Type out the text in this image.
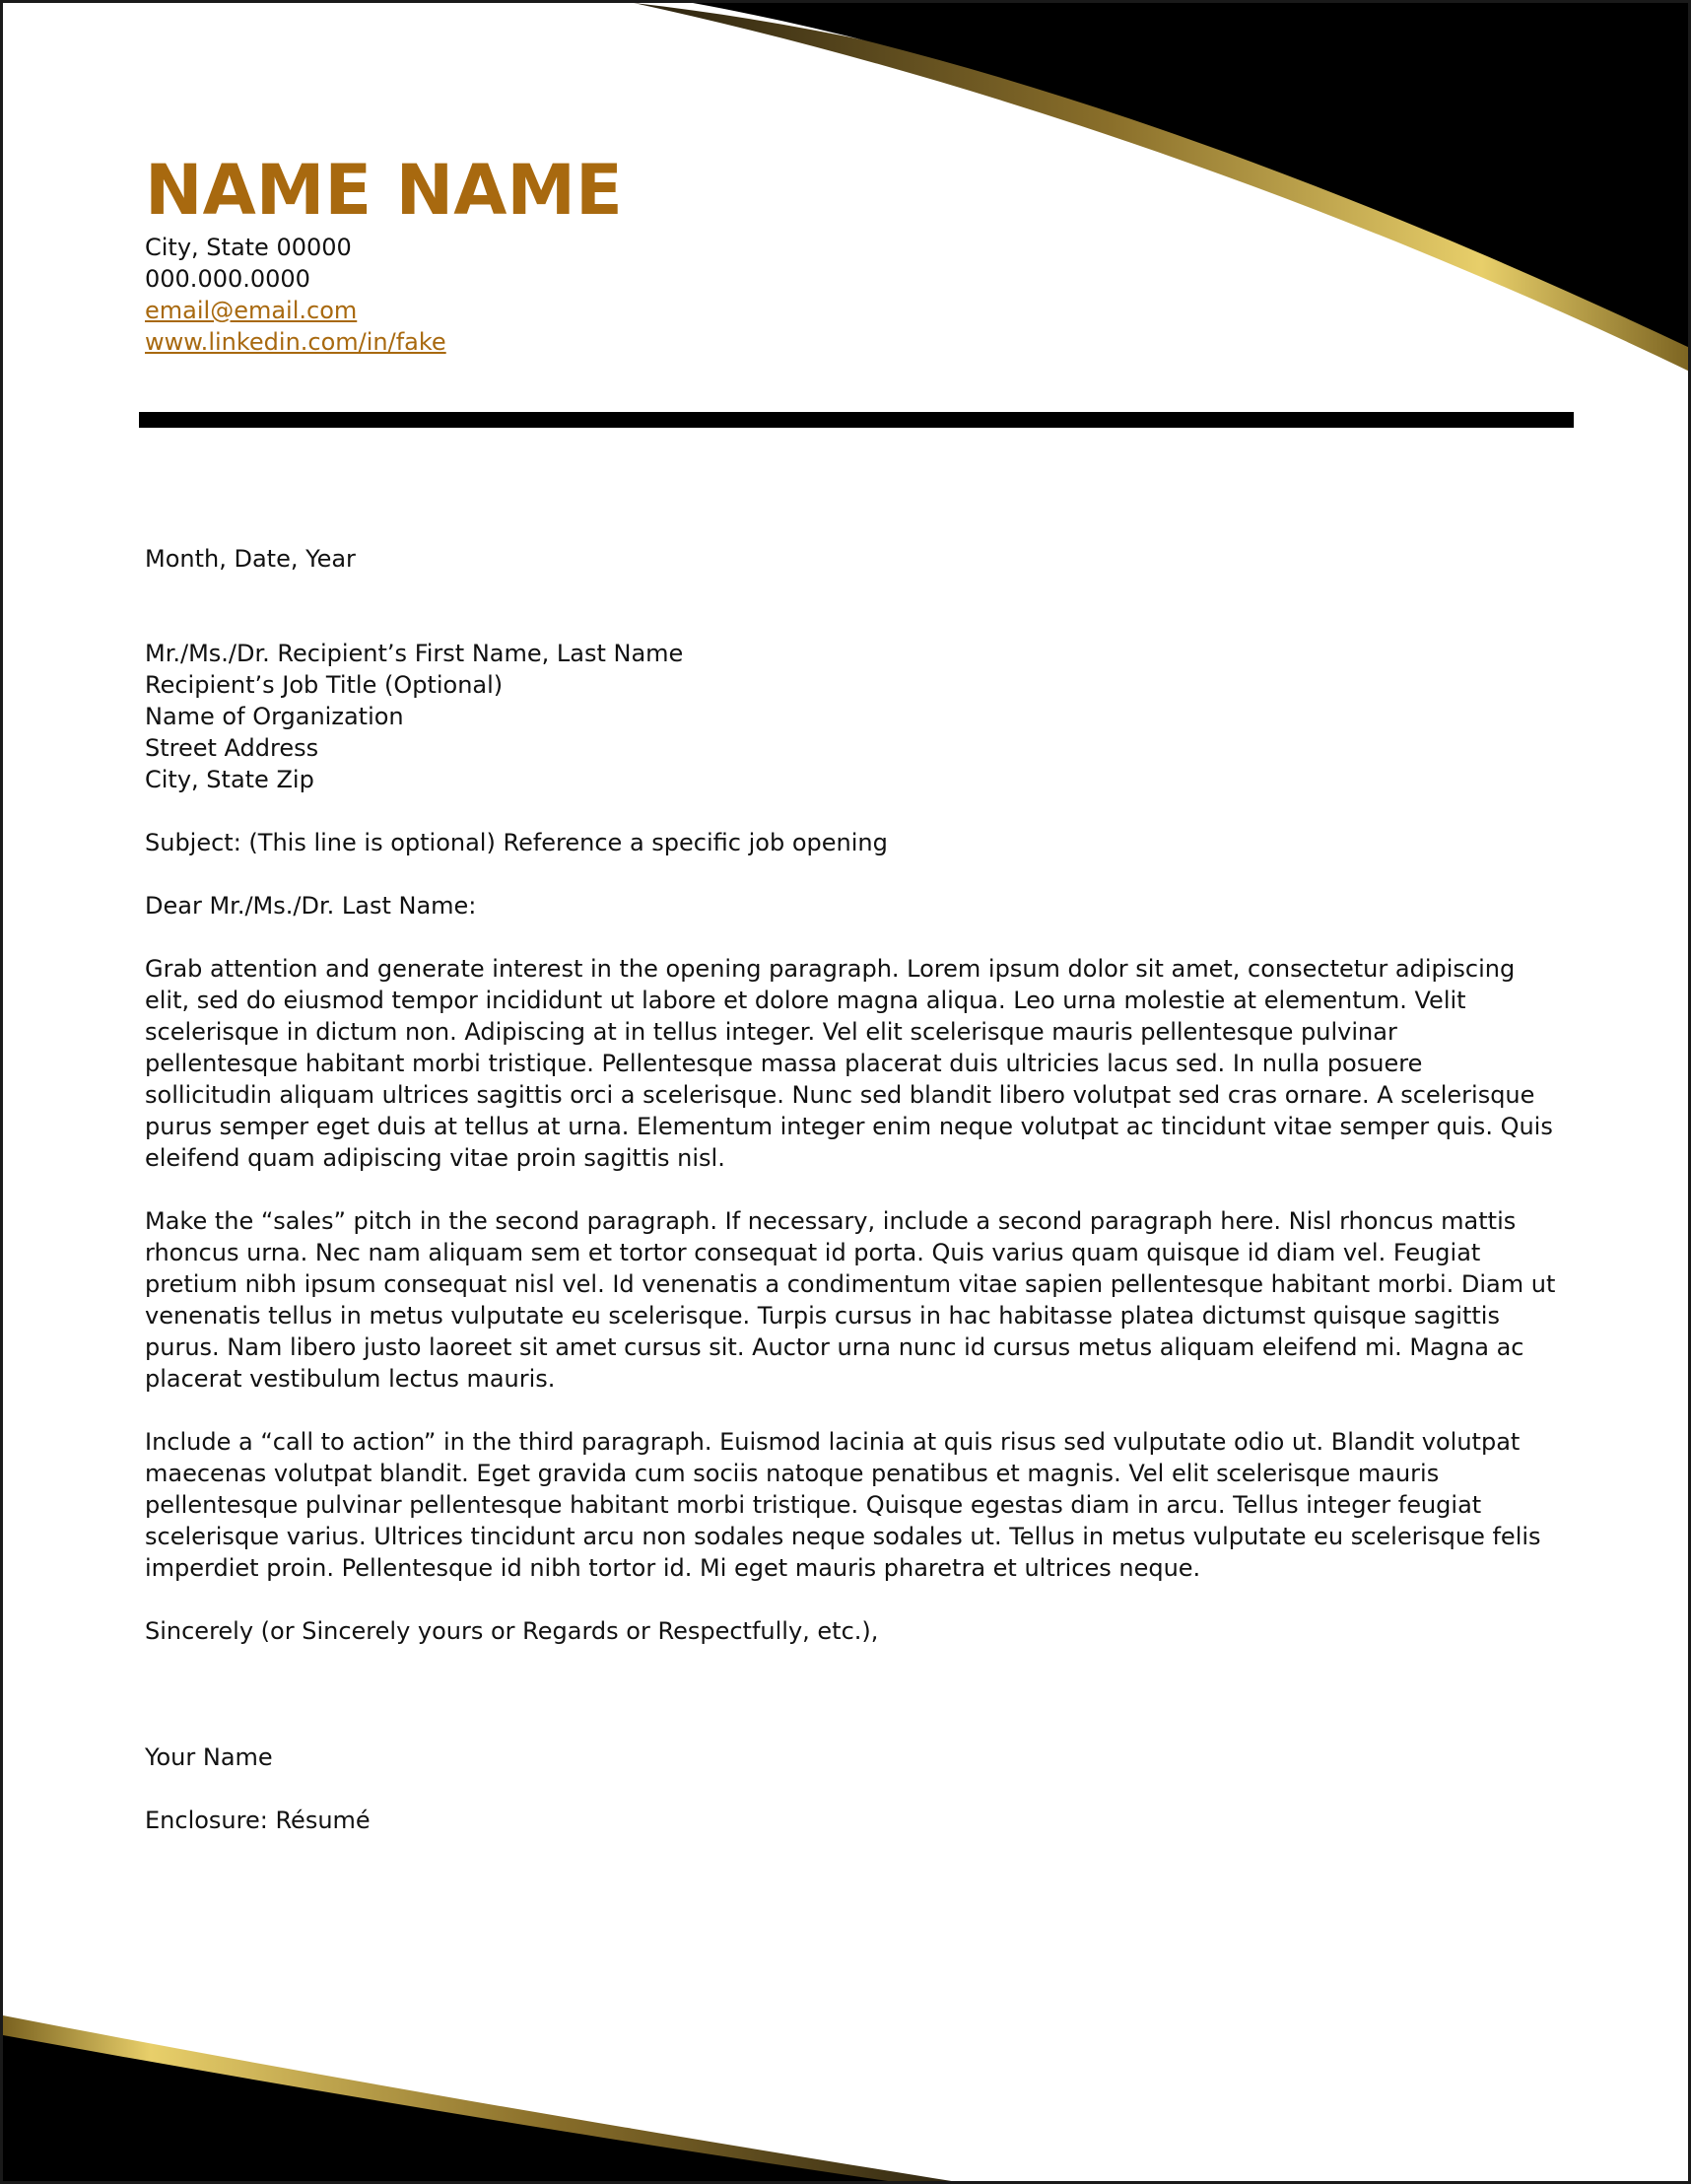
NAME NAME
City, State 00000
000.000.0000
email@email.com
www.linkedin.com/in/fake

Month, Date, Year

Mr./Ms./Dr. Recipient’s First Name, Last Name

Recipient’s Job Title (Optional)

Name of Organization

Street Address

City, State Zip

Subject: (This line is optional) Reference a specific job opening

Dear Mr./Ms./Dr. Last Name:

Grab attention and generate interest in the opening paragraph. Lorem ipsum dolor sit amet, consectetur adipiscing elit, sed do eiusmod tempor incididunt ut labore et dolore magna aliqua. Leo urna molestie at elementum. Velit scelerisque in dictum non. Adipiscing at in tellus integer. Vel elit scelerisque mauris pellentesque pulvinar pellentesque habitant morbi tristique. Pellentesque massa placerat duis ultricies lacus sed. In nulla posuere sollicitudin aliquam ultrices sagittis orci a scelerisque. Nunc sed blandit libero volutpat sed cras ornare. A scelerisque purus semper eget duis at tellus at urna. Elementum integer enim neque volutpat ac tincidunt vitae semper quis. Quis eleifend quam adipiscing vitae proin sagittis nisl.

Make the “sales” pitch in the second paragraph. If necessary, include a second paragraph here. Nisl rhoncus mattis rhoncus urna. Nec nam aliquam sem et tortor consequat id porta. Quis varius quam quisque id diam vel. Feugiat pretium nibh ipsum consequat nisl vel. Id venenatis a condimentum vitae sapien pellentesque habitant morbi. Diam ut venenatis tellus in metus vulputate eu scelerisque. Turpis cursus in hac habitasse platea dictumst quisque sagittis purus. Nam libero justo laoreet sit amet cursus sit. Auctor urna nunc id cursus metus aliquam eleifend mi. Magna ac placerat vestibulum lectus mauris.

Include a “call to action” in the third paragraph. Euismod lacinia at quis risus sed vulputate odio ut. Blandit volutpat maecenas volutpat blandit. Eget gravida cum sociis natoque penatibus et magnis. Vel elit scelerisque mauris pellentesque pulvinar pellentesque habitant morbi tristique. Quisque egestas diam in arcu. Tellus integer feugiat scelerisque varius. Ultrices tincidunt arcu non sodales neque sodales ut. Tellus in metus vulputate eu scelerisque felis imperdiet proin. Pellentesque id nibh tortor id. Mi eget mauris pharetra et ultrices neque.

Sincerely (or Sincerely yours or Regards or Respectfully, etc.),

Your Name

Enclosure: Résumé
